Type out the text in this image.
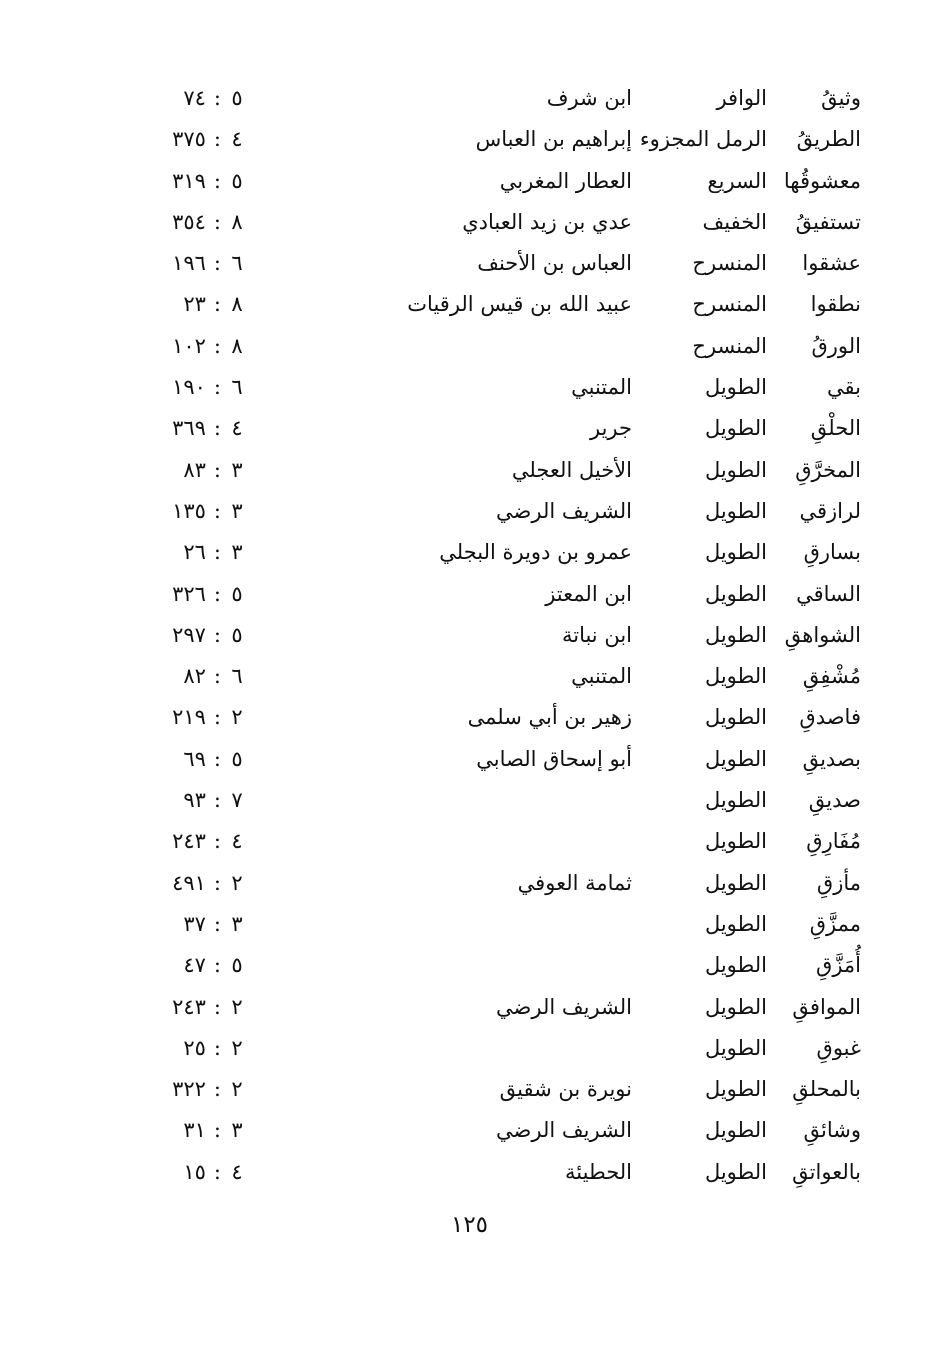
وثيقُ
الوافر
ابن شرف
٧٤ : ٥
الطريقُ
الرمل المجزوء
إبراهيم بن العباس
٣٧٥ : ٤
معشوقُها
السريع
العطار المغربي
٣١٩ : ٥
تستفيقُ
الخفيف
عدي بن زيد العبادي
٣٥٤ : ٨
عشقوا
المنسرح
العباس بن الأحنف
١٩٦ : ٦
نطقوا
المنسرح
عبيد الله بن قيس الرقيات
٢٣ : ٨
الورقُ
المنسرح
١٠٢ : ٨
بقي
الطويل
المتنبي
١٩٠ : ٦
الحلْقِ
الطويل
جرير
٣٦٩ : ٤
المخرَّقِ
الطويل
الأخيل العجلي
٨٣ : ٣
لرازقي
الطويل
الشريف الرضي
١٣٥ : ٣
بسارقِ
الطويل
عمرو بن دويرة البجلي
٢٦ : ٣
الساقي
الطويل
ابن المعتز
٣٢٦ : ٥
الشواهقِ
الطويل
ابن نباتة
٢٩٧ : ٥
مُشْفِقِ
الطويل
المتنبي
٨٢ : ٦
فاصدقِ
الطويل
زهير بن أبي سلمى
٢١٩ : ٢
بصديقِ
الطويل
أبو إسحاق الصابي
٦٩ : ٥
صديقِ
الطويل
٩٣ : ٧
مُفَارِقِ
الطويل
٢٤٣ : ٤
مأزقِ
الطويل
ثمامة العوفي
٤٩١ : ٢
ممزَّقِ
الطويل
٣٧ : ٣
أُمَزَّقِ
الطويل
٤٧ : ٥
الموافقِ
الطويل
الشريف الرضي
٢٤٣ : ٢
غبوقِ
الطويل
٢٥ : ٢
بالمحلقِ
الطويل
نويرة بن شقيق
٣٢٢ : ٢
وشائقِ
الطويل
الشريف الرضي
٣١ : ٣
بالعواتقِ
الطويل
الحطيئة
١٥ : ٤
١٢٥
